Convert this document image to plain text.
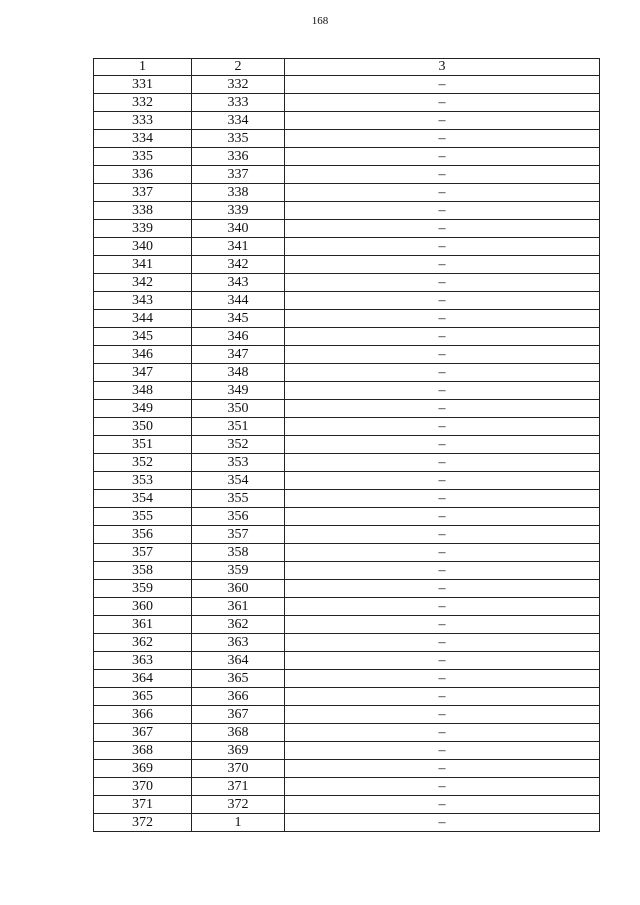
168
1	2	3
331	332	–
332	333	–
333	334	–
334	335	–
335	336	–
336	337	–
337	338	–
338	339	–
339	340	–
340	341	–
341	342	–
342	343	–
343	344	–
344	345	–
345	346	–
346	347	–
347	348	–
348	349	–
349	350	–
350	351	–
351	352	–
352	353	–
353	354	–
354	355	–
355	356	–
356	357	–
357	358	–
358	359	–
359	360	–
360	361	–
361	362	–
362	363	–
363	364	–
364	365	–
365	366	–
366	367	–
367	368	–
368	369	–
369	370	–
370	371	–
371	372	–
372	1	–
